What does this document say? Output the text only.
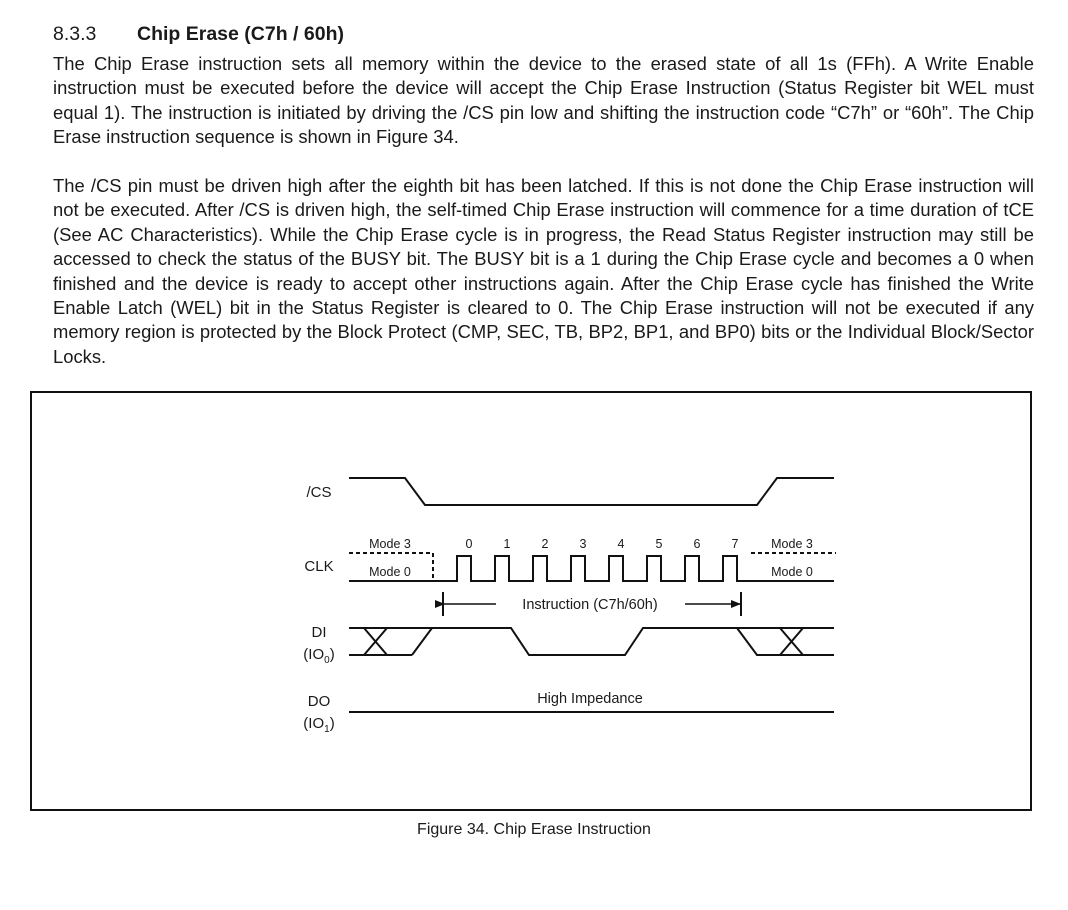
8.3.3 Chip Erase (C7h / 60h)

The Chip Erase instruction sets all memory within the device to the erased state of all 1s (FFh). A Write Enable instruction must be executed before the device will accept the Chip Erase Instruction (Status Register bit WEL must equal 1). The instruction is initiated by driving the /CS pin low and shifting the instruction code “C7h” or “60h”. The Chip Erase instruction sequence is shown in Figure 34.

The /CS pin must be driven high after the eighth bit has been latched. If this is not done the Chip Erase instruction will not be executed. After /CS is driven high, the self-timed Chip Erase instruction will commence for a time duration of tCE (See AC Characteristics). While the Chip Erase cycle is in progress, the Read Status Register instruction may still be accessed to check the status of the BUSY bit. The BUSY bit is a 1 during the Chip Erase cycle and becomes a 0 when finished and the device is ready to accept other instructions again. After the Chip Erase cycle has finished the Write Enable Latch (WEL) bit in the Status Register is cleared to 0. The Chip Erase instruction will not be executed if any memory region is protected by the Block Protect (CMP, SEC, TB, BP2, BP1, and BP0) bits or the Individual Block/Sector Locks.

/CS
CLK
DI
$(IO_0)$
DO
$(IO_1)$
Mode 3
Mode 0
Mode 3
Mode 0
0 1 2 3 4 5 6 7
Instruction (C7h/60h)
High Impedance
Figure 34. Chip Erase Instruction
